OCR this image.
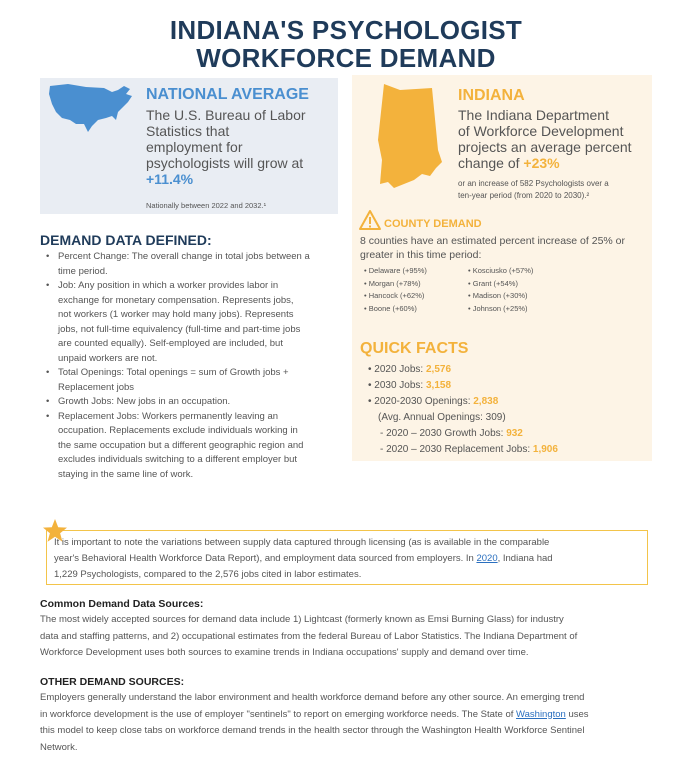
INDIANA'S PSYCHOLOGIST
WORKFORCE DEMAND
NATIONAL AVERAGE
The U.S. Bureau of Labor
Statistics that
employment for
psychologists will grow at
+11.4%
Nationally between 2022 and 2032.¹
INDIANA
The Indiana Department
of Workforce Development
projects an average percent
change of +23%
or an increase of 582 Psychologists over a
ten-year period (from 2020 to 2030).²
COUNTY DEMAND
8 counties have an estimated percent increase of 25% or
greater in this time period:
• Delaware (+95%)
• Morgan (+78%)
• Hancock (+62%)
• Boone (+60%)
• Kosciusko (+57%)
• Grant (+54%)
• Madison (+30%)
• Johnson (+25%)
QUICK FACTS
• 2020 Jobs: 2,576
• 2030 Jobs: 3,158
• 2020-2030 Openings: 2,838
(Avg. Annual Openings: 309)
- 2020 – 2030 Growth Jobs: 932
- 2020 – 2030 Replacement Jobs: 1,906
DEMAND DATA DEFINED:
• Percent Change: The overall change in total jobs between a
time period.
• Job: Any position in which a worker provides labor in
exchange for monetary compensation. Represents jobs,
not workers (1 worker may hold many jobs). Represents
jobs, not full-time equivalency (full-time and part-time jobs
are counted equally). Self-employed are included, but
unpaid workers are not.
• Total Openings: Total openings = sum of Growth jobs +
Replacement jobs
• Growth Jobs: New jobs in an occupation.
• Replacement Jobs: Workers permanently leaving an
occupation. Replacements exclude individuals working in
the same occupation but a different geographic region and
excludes individuals switching to a different employer but
staying in the same line of work.
It is important to note the variations between supply data captured through licensing (as is available in the comparable
year's Behavioral Health Workforce Data Report), and employment data sourced from employers. In 2020, Indiana had
1,229 Psychologists, compared to the 2,576 jobs cited in labor estimates.
Common Demand Data Sources:
The most widely accepted sources for demand data include 1) Lightcast (formerly known as Emsi Burning Glass) for industry
data and staffing patterns, and 2) occupational estimates from the federal Bureau of Labor Statistics. The Indiana Department of
Workforce Development uses both sources to examine trends in Indiana occupations' supply and demand over time.
OTHER DEMAND SOURCES:
Employers generally understand the labor environment and health workforce demand before any other source. An emerging trend
in workforce development is the use of employer "sentinels" to report on emerging workforce needs. The State of Washington uses
this model to keep close tabs on workforce demand trends in the health sector through the Washington Health Workforce Sentinel
Network.
